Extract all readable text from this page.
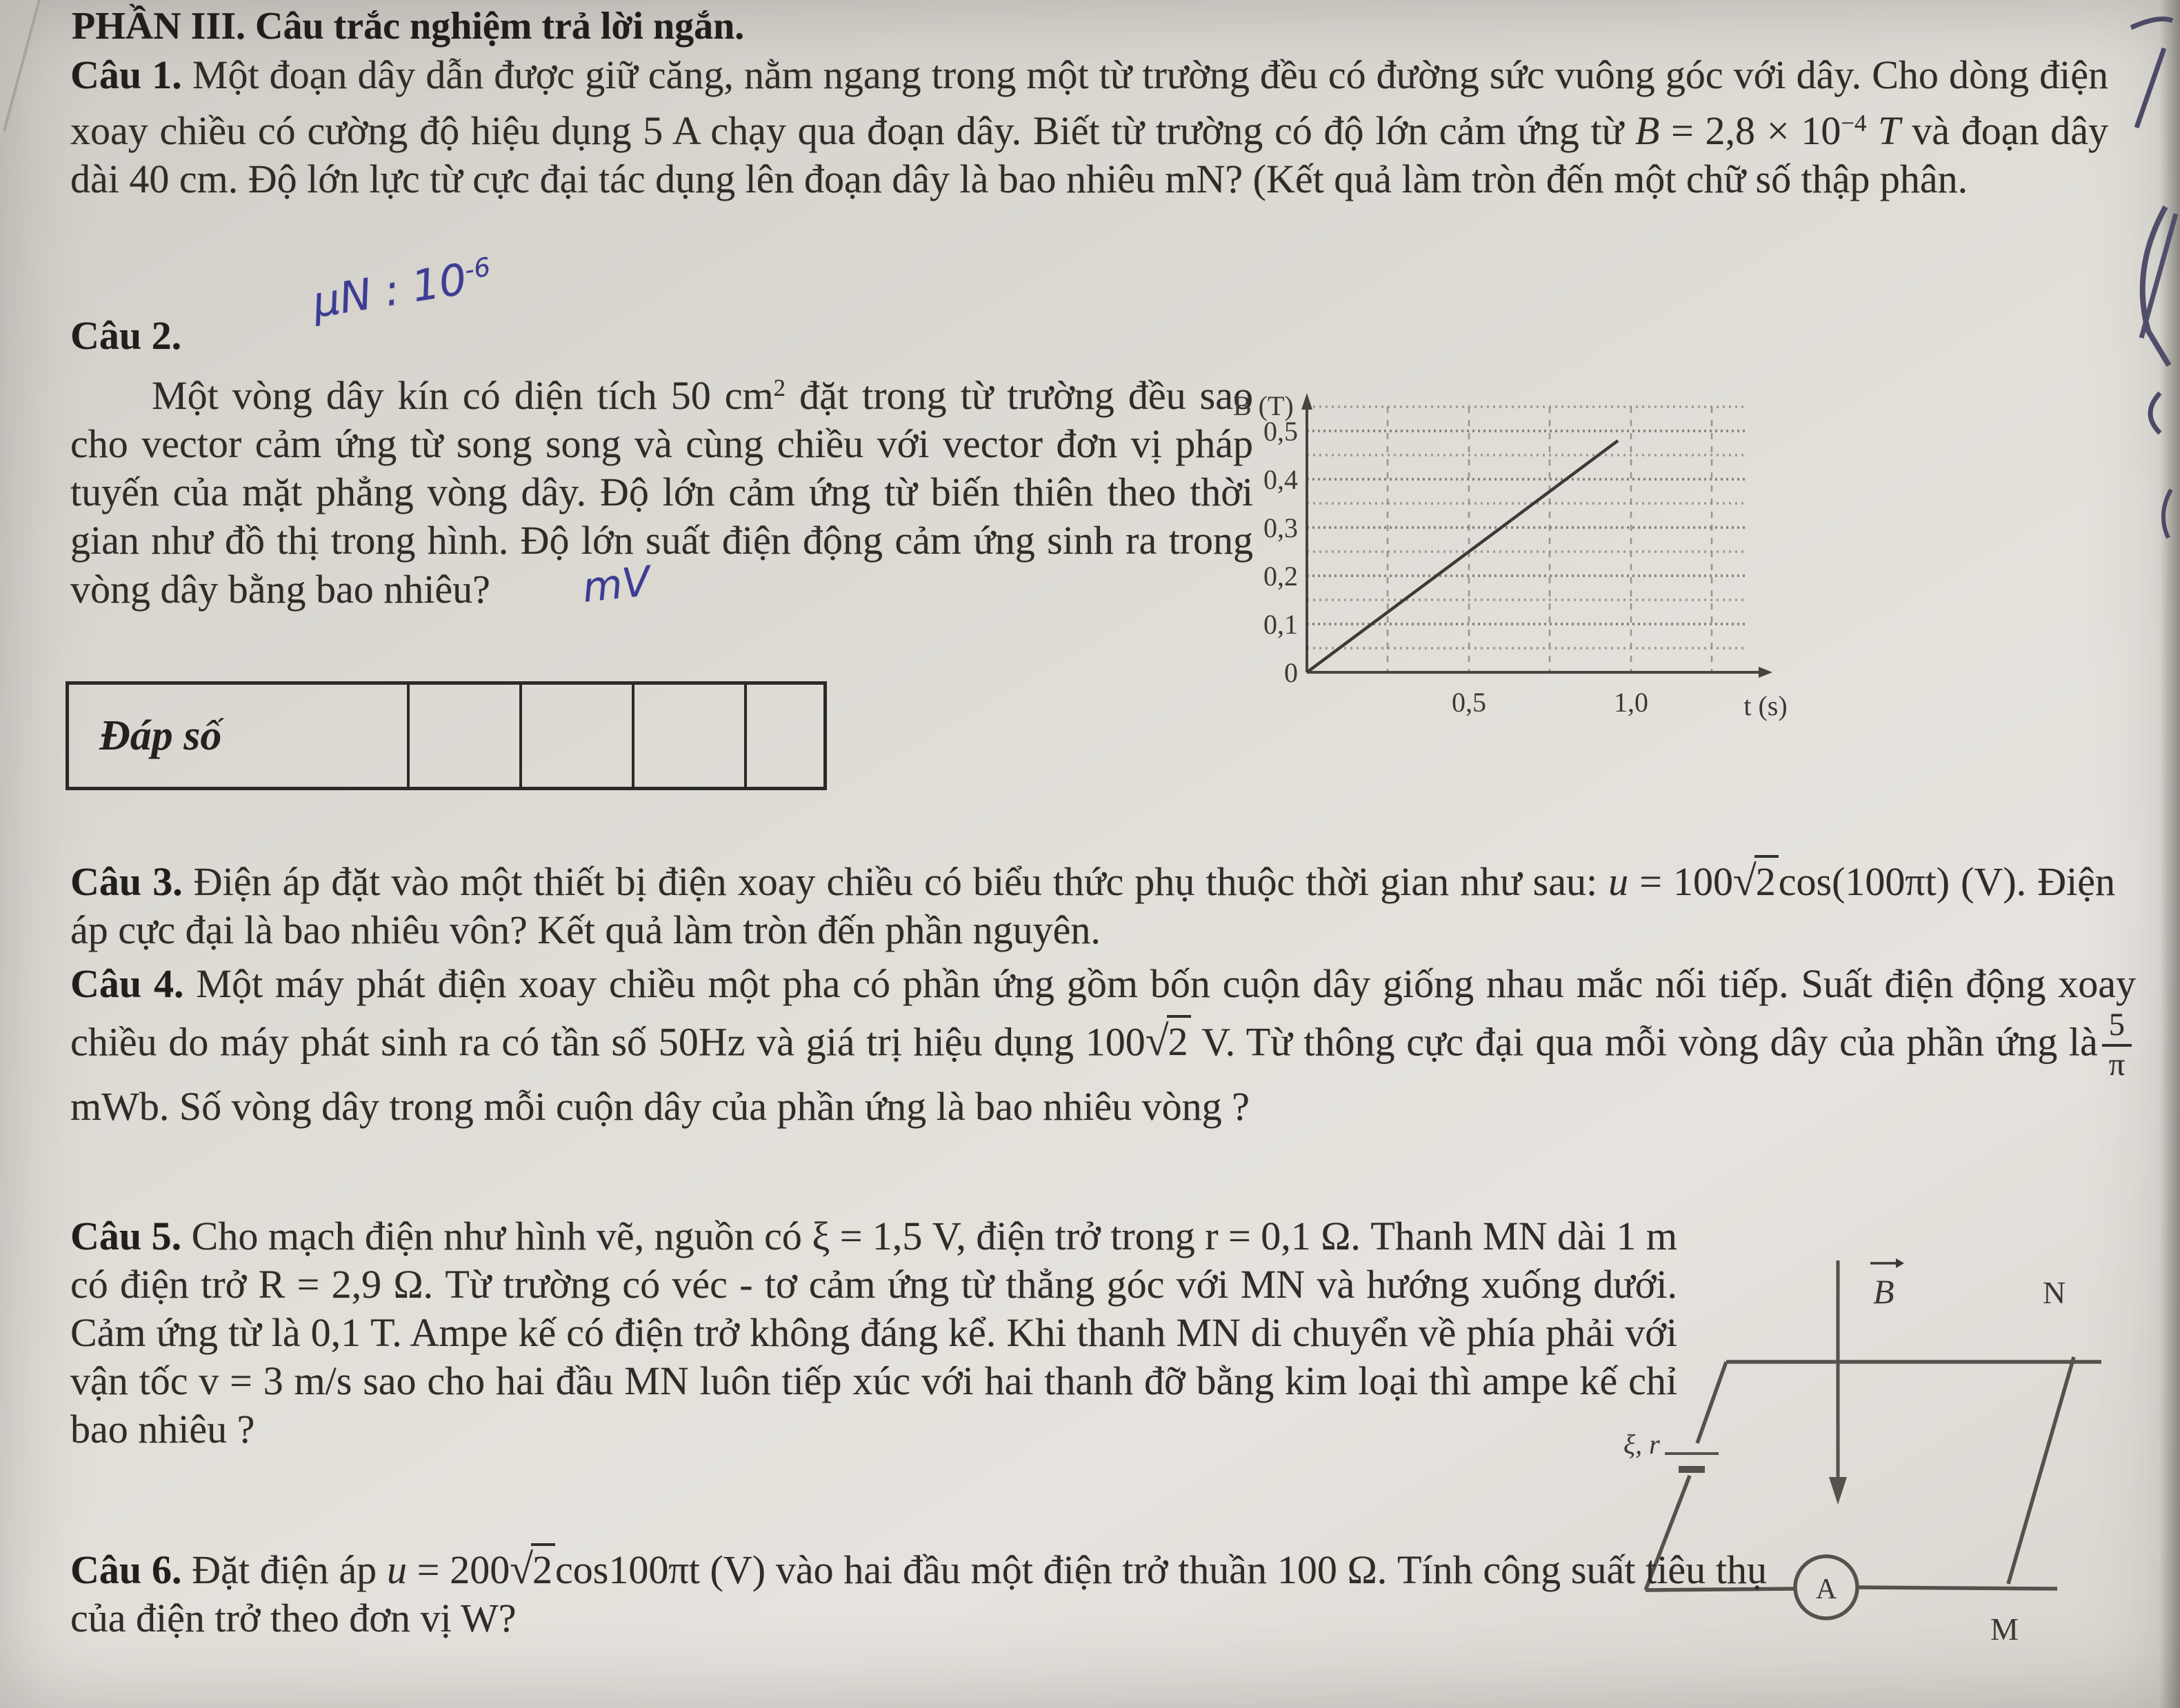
PHẦN III. Câu trắc nghiệm trả lời ngắn.

Câu 1. Một đoạn dây dẫn được giữ căng, nằm ngang trong một từ trường đều có đường sức vuông góc với dây. Cho dòng điện xoay chiều có cường độ hiệu dụng 5 A chạy qua đoạn dây. Biết từ trường có độ lớn cảm ứng từ $B = 2,8 \times 10^{-4}$ T và đoạn dây dài 40 cm. Độ lớn lực từ cực đại tác dụng lên đoạn dây là bao nhiêu mN? (Kết quả làm tròn đến một chữ số thập phân.

μN : $10^{-6}$

Câu 2.

Một vòng dây kín có diện tích 50 $cm^2$ đặt trong từ trường đều sao cho vector cảm ứng từ song song và cùng chiều với vector đơn vị pháp tuyến của mặt phẳng vòng dây. Độ lớn cảm ứng từ biến thiên theo thời gian như đồ thị trong hình. Độ lớn suất điện động cảm ứng sinh ra trong vòng dây bằng bao nhiêu? mV

B (T)
0,5
0,4
0,3
0,2
0,1
0
0,5	1,0	t (s)
Đáp số

Câu 3. Điện áp đặt vào một thiết bị điện xoay chiều có biểu thức phụ thuộc thời gian như sau: u = 100√2cos(100πt) (V). Điện áp cực đại là bao nhiêu vôn? Kết quả làm tròn đến phần nguyên.

Câu 4. Một máy phát điện xoay chiều một pha có phần ứng gồm bốn cuộn dây giống nhau mắc nối tiếp. Suất điện động xoay chiều do máy phát sinh ra có tần số 50Hz và giá trị hiệu dụng 100√2 V. Từ thông cực đại qua mỗi vòng dây của phần ứng là $\frac{5}{\pi}$
mWb. Số vòng dây trong mỗi cuộn dây của phần ứng là bao nhiêu vòng ?

Câu 5. Cho mạch điện như hình vẽ, nguồn có ξ = 1,5 V, điện trở trong r = 0,1 Ω. Thanh MN dài 1 m có điện trở R = 2,9 Ω. Từ trường có véc - tơ cảm ứng từ thẳng góc với MN và hướng xuống dưới. Cảm ứng từ là 0,1 T. Ampe kế có điện trở không đáng kể. Khi thanh MN di chuyển về phía phải với vận tốc v = 3 m/s sao cho hai đầu MN luôn tiếp xúc với hai thanh đỡ bằng kim loại thì ampe kế chỉ bao nhiêu ?

B	N
M
A
ξ, r

Câu 6. Đặt điện áp u = 200√2cos100πt (V) vào hai đầu một điện trở thuần 100 Ω. Tính công suất tiêu thụ của điện trở theo đơn vị W?
